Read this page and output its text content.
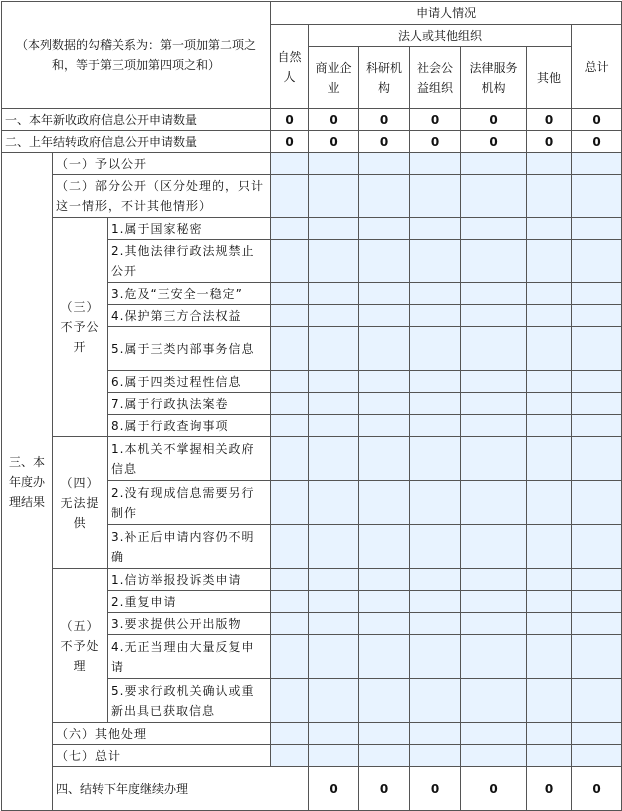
（本列数据的勾稽关系为：第一项加第二项之和，等于第三项加第四项之和）			申请人情况							
			自然人	法人或其他组织					总计	
				商业企业	科研机构	社会公益组织	法律服务机构	其他		
一、本年新收政府信息公开申请数量			0	0	0	0	0	0	0	
二、上年结转政府信息公开申请数量			0	0	0	0	0	0	0	
三、本年度办理结果	（一）予以公开									
	（二）部分公开（区分处理的，只计这一情形，不计其他情形）									
	（三）不予公开	1.属于国家秘密								
		2.其他法律行政法规禁止公开								
		3.危及“三安全一稳定”								
		4.保护第三方合法权益								
		5.属于三类内部事务信息								
		6.属于四类过程性信息								
		7.属于行政执法案卷								
		8.属于行政查询事项								
	（四）无法提供	1.本机关不掌握相关政府信息								
		2.没有现成信息需要另行制作								
		3.补正后申请内容仍不明确								
	（五）不予处理	1.信访举报投诉类申请								
		2.重复申请								
		3.要求提供公开出版物								
		4.无正当理由大量反复申请								
		5.要求行政机关确认或重新出具已获取信息								
	（六）其他处理									
	（七）总计									
	四、结转下年度继续办理			0	0	0	0	0	0	
